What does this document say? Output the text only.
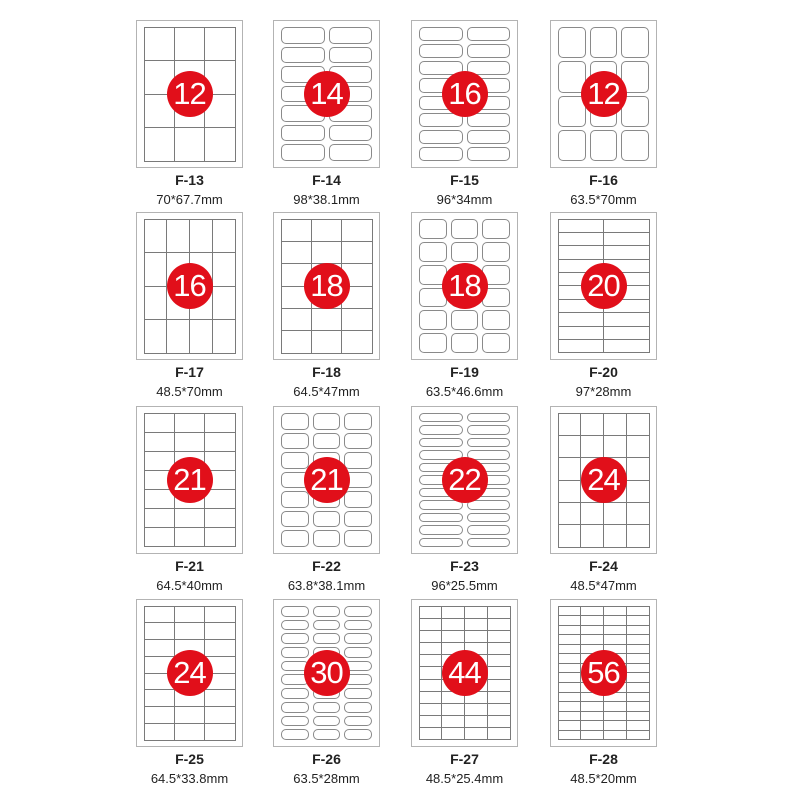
12
F-13
70*67.7mm
14
F-14
98*38.1mm
16
F-15
96*34mm
12
F-16
63.5*70mm
16
F-17
48.5*70mm
18
F-18
64.5*47mm
18
F-19
63.5*46.6mm
20
F-20
97*28mm
21
F-21
64.5*40mm
21
F-22
63.8*38.1mm
22
F-23
96*25.5mm
24
F-24
48.5*47mm
24
F-25
64.5*33.8mm
30
F-26
63.5*28mm
44
F-27
48.5*25.4mm
56
F-28
48.5*20mm
